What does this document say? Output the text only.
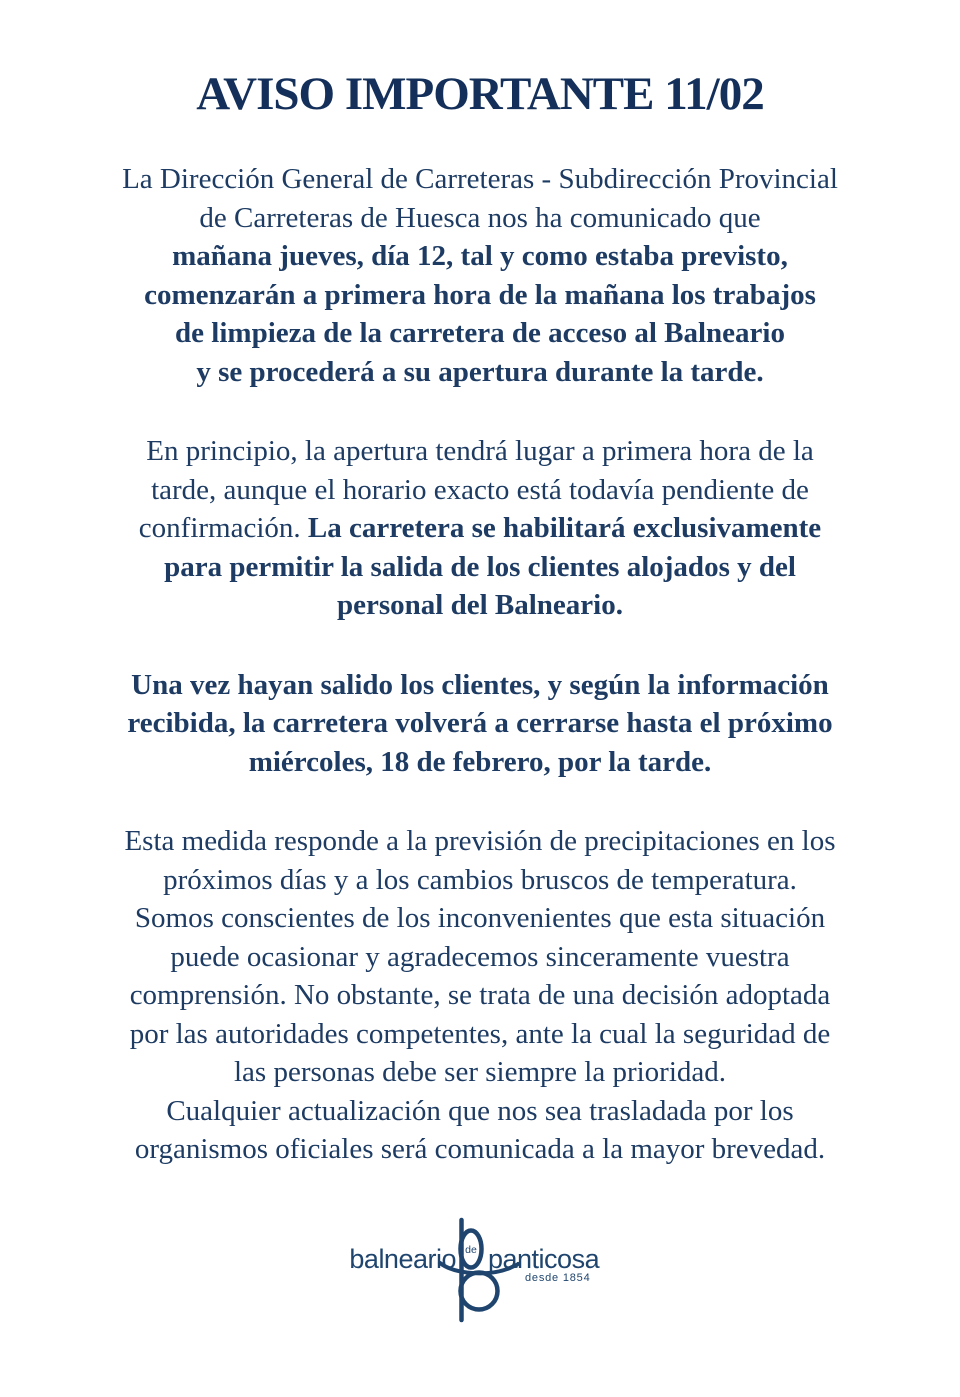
AVISO IMPORTANTE 11/02

La Dirección General de Carreteras - Subdirección Provincial
de Carreteras de Huesca nos ha comunicado que
mañana jueves, día 12, tal y como estaba previsto,
comenzarán a primera hora de la mañana los trabajos
de limpieza de la carretera de acceso al Balneario
y se procederá a su apertura durante la tarde.

En principio, la apertura tendrá lugar a primera hora de la
tarde, aunque el horario exacto está todavía pendiente de
confirmación. La carretera se habilitará exclusivamente
para permitir la salida de los clientes alojados y del
personal del Balneario.

Una vez hayan salido los clientes, y según la información
recibida, la carretera volverá a cerrarse hasta el próximo
miércoles, 18 de febrero, por la tarde.

Esta medida responde a la previsión de precipitaciones en los
próximos días y a los cambios bruscos de temperatura.
Somos conscientes de los inconvenientes que esta situación
puede ocasionar y agradecemos sinceramente vuestra
comprensión. No obstante, se trata de una decisión adoptada
por las autoridades competentes, ante la cual la seguridad de
las personas debe ser siempre la prioridad.
Cualquier actualización que nos sea trasladada por los
organismos oficiales será comunicada a la mayor brevedad.

de
balneario panticosa
desde 1854
